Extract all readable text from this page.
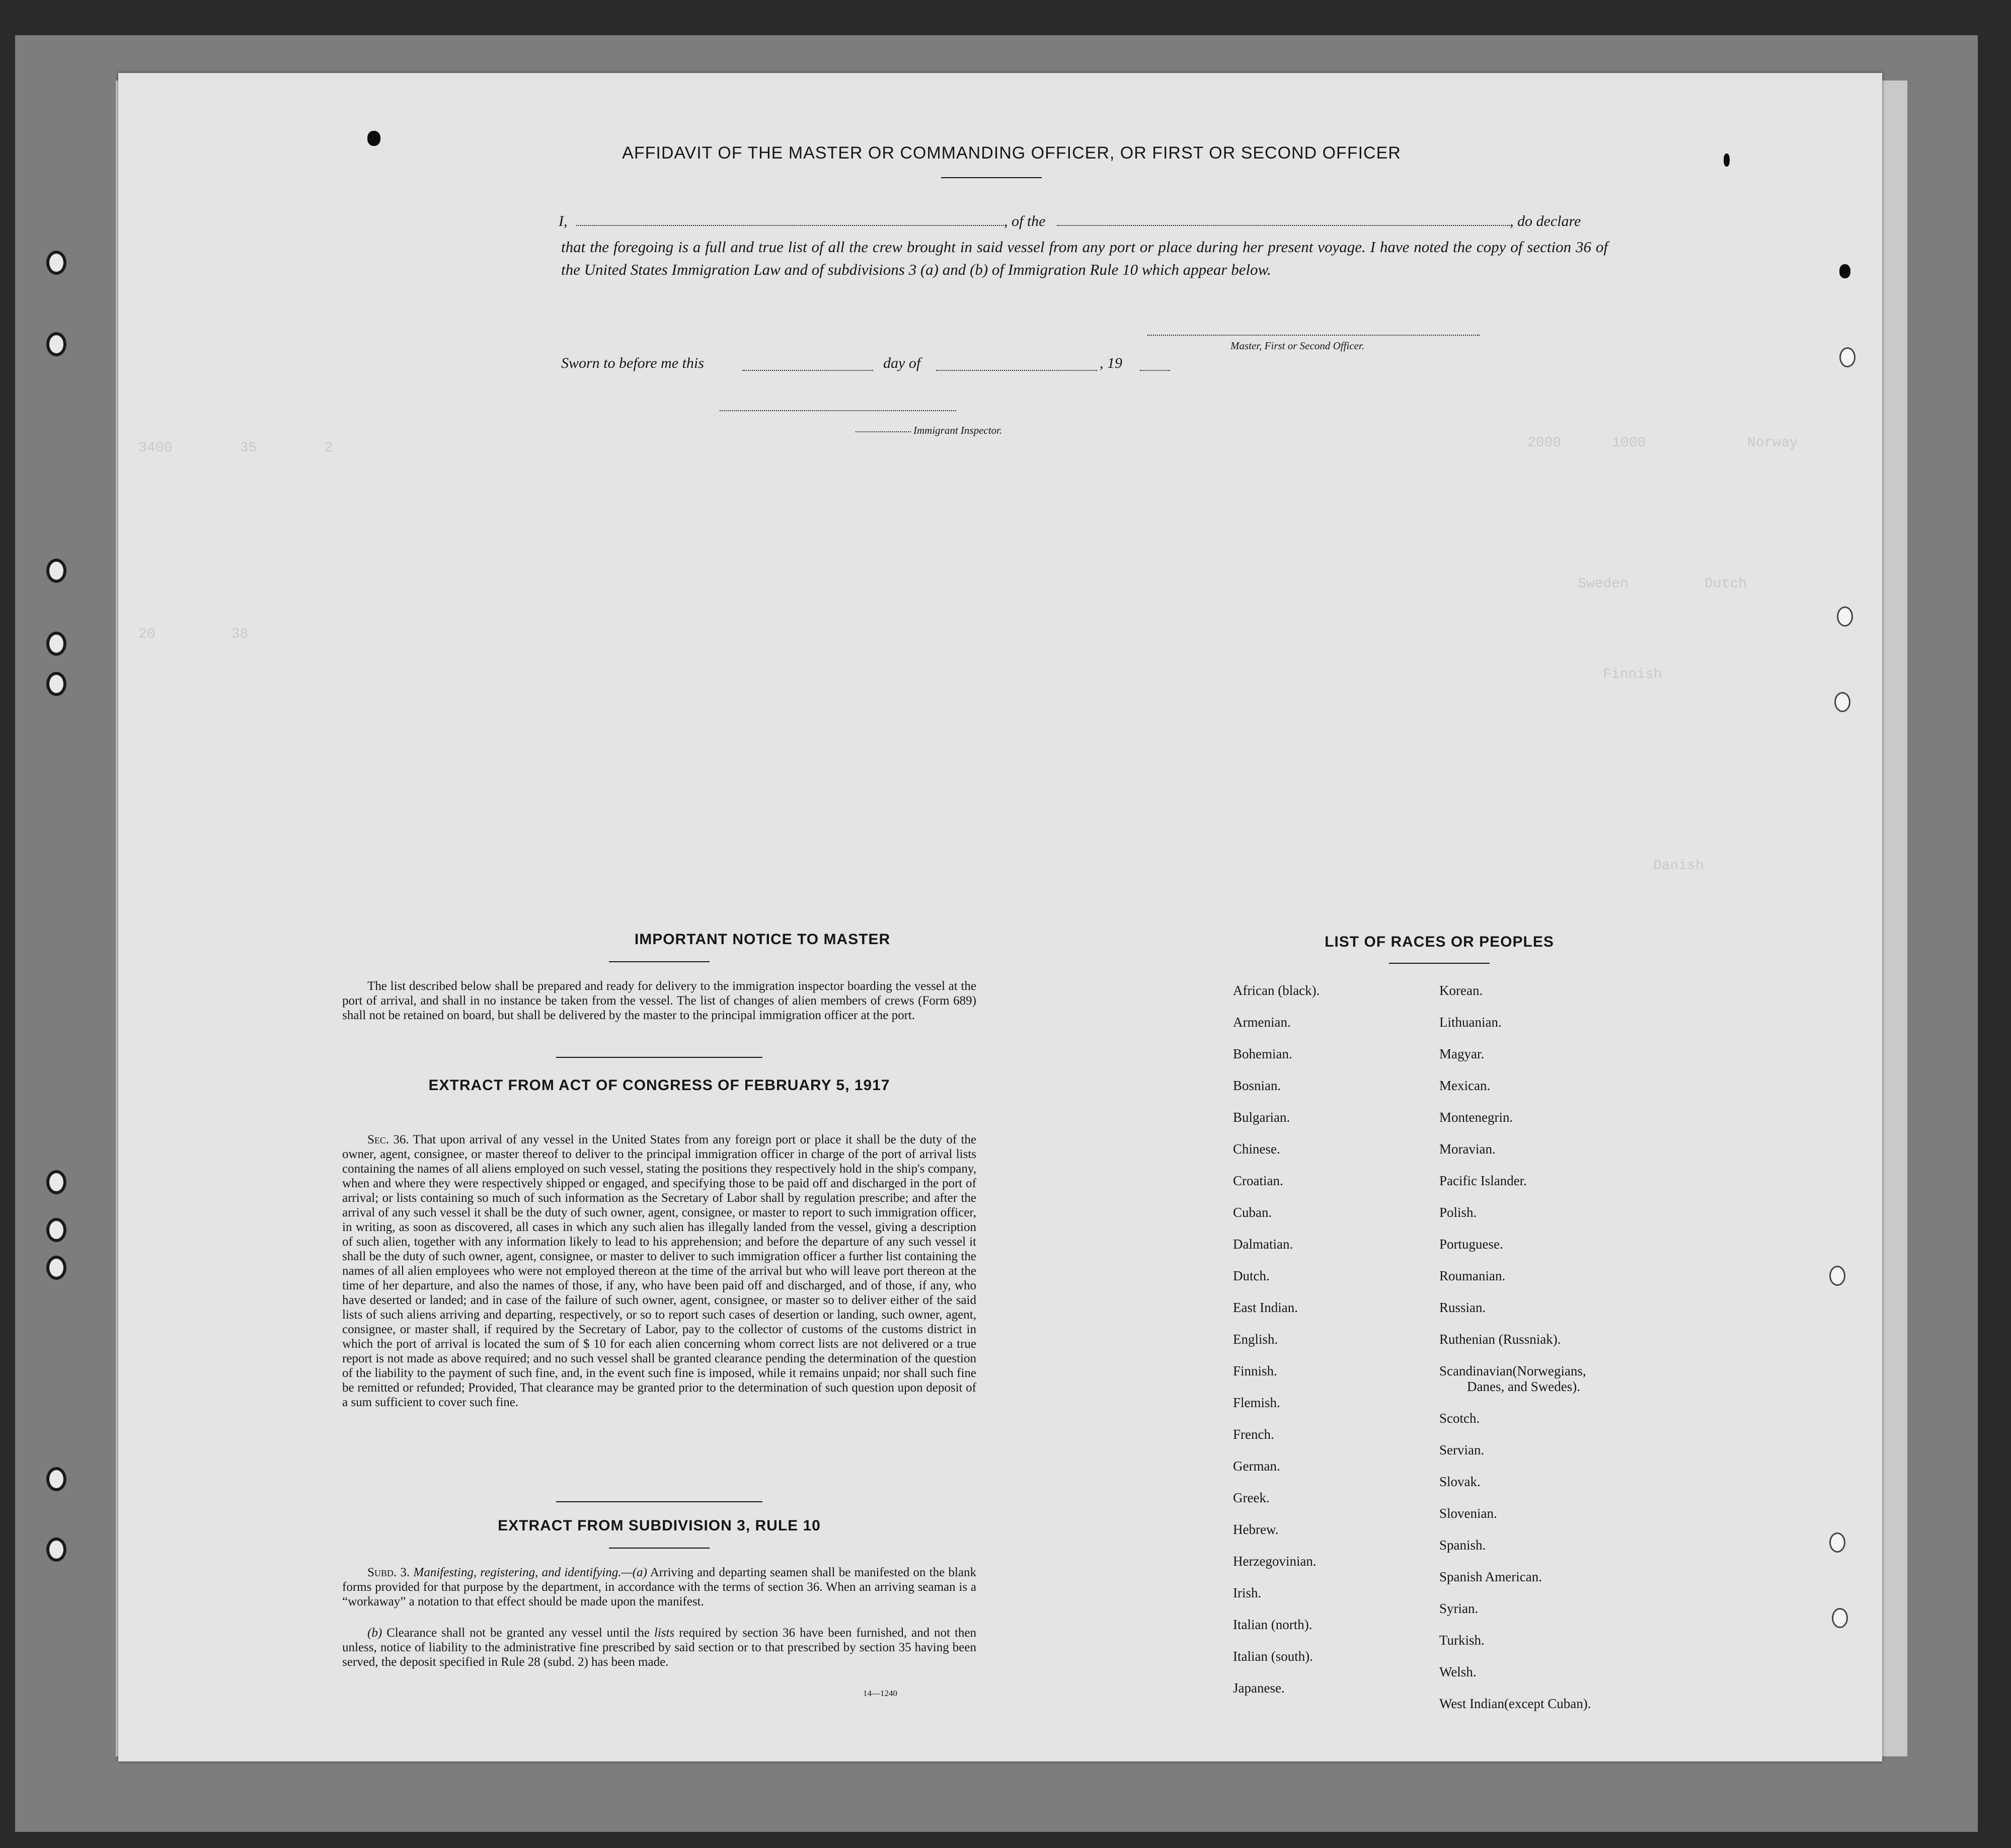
2000      1000            Norway
Sweden         Dutch
Finnish
Danish
3400        35        2
20         38
AFFIDAVIT OF THE MASTER OR COMMANDING OFFICER, OR FIRST OR SECOND OFFICER
I,	, of the	, do declare
that the foregoing is a full and true list of all the crew brought in said vessel from any port or place during her present voyage. I have noted the copy of section 36 of the United States Immigration Law and of subdivisions 3 (a) and (b) of Immigration Rule 10 which appear below.
Master, First or Second Officer.
Sworn to before me this	day of	, 19
Immigrant Inspector.
IMPORTANT NOTICE TO MASTER
The list described below shall be prepared and ready for delivery to the immigration inspector boarding the vessel at the port of arrival, and shall in no instance be taken from the vessel. The list of changes of alien members of crews (Form 689) shall not be retained on board, but shall be delivered by the master to the principal immigration officer at the port.
EXTRACT FROM ACT OF CONGRESS OF FEBRUARY 5, 1917
Sec. 36. That upon arrival of any vessel in the United States from any foreign port or place it shall be the duty of the owner, agent, consignee, or master thereof to deliver to the principal immigration officer in charge of the port of arrival lists containing the names of all aliens employed on such vessel, stating the positions they respectively hold in the ship's company, when and where they were respectively shipped or engaged, and specifying those to be paid off and discharged in the port of arrival; or lists containing so much of such information as the Secretary of Labor shall by regulation prescribe; and after the arrival of any such vessel it shall be the duty of such owner, agent, consignee, or master to report to such immigration officer, in writing, as soon as discovered, all cases in which any such alien has illegally landed from the vessel, giving a description of such alien, together with any information likely to lead to his apprehension; and before the departure of any such vessel it shall be the duty of such owner, agent, consignee, or master to deliver to such immigration officer a further list containing the names of all alien employees who were not employed thereon at the time of the arrival but who will leave port thereon at the time of her departure, and also the names of those, if any, who have been paid off and discharged, and of those, if any, who have deserted or landed; and in case of the failure of such owner, agent, consignee, or master so to deliver either of the said lists of such aliens arriving and departing, respectively, or so to report such cases of desertion or landing, such owner, agent, consignee, or master shall, if required by the Secretary of Labor, pay to the collector of customs of the customs district in which the port of arrival is located the sum of $ 10 for each alien concerning whom correct lists are not delivered or a true report is not made as above required; and no such vessel shall be granted clearance pending the determination of the question of the liability to the payment of such fine, and, in the event such fine is imposed, while it remains unpaid; nor shall such fine be remitted or refunded; Provided, That clearance may be granted prior to the determination of such question upon deposit of a sum sufficient to cover such fine.
EXTRACT FROM SUBDIVISION 3, RULE 10
Subd. 3. Manifesting, registering, and identifying.—(a) Arriving and departing seamen shall be manifested on the blank forms provided for that purpose by the department, in accordance with the terms of section 36. When an arriving seaman is a “workaway” a notation to that effect should be made upon the manifest.
(b) Clearance shall not be granted any vessel until the lists required by section 36 have been furnished, and not then unless, notice of liability to the administrative fine prescribed by said section or to that prescribed by section 35 having been served, the deposit specified in Rule 28 (subd. 2) has been made.
14—1240
LIST OF RACES OR PEOPLES
African (black).
Armenian.
Bohemian.
Bosnian.
Bulgarian.
Chinese.
Croatian.
Cuban.
Dalmatian.
Dutch.
East Indian.
English.
Finnish.
Flemish.
French.
German.
Greek.
Hebrew.
Herzegovinian.
Irish.
Italian (north).
Italian (south).
Japanese.
Korean.
Lithuanian.
Magyar.
Mexican.
Montenegrin.
Moravian.
Pacific Islander.
Polish.
Portuguese.
Roumanian.
Russian.
Ruthenian (Russniak).
Scandinavian(Norwegians,
Danes, and Swedes).
Scotch.
Servian.
Slovak.
Slovenian.
Spanish.
Spanish American.
Syrian.
Turkish.
Welsh.
West Indian(except Cuban).
